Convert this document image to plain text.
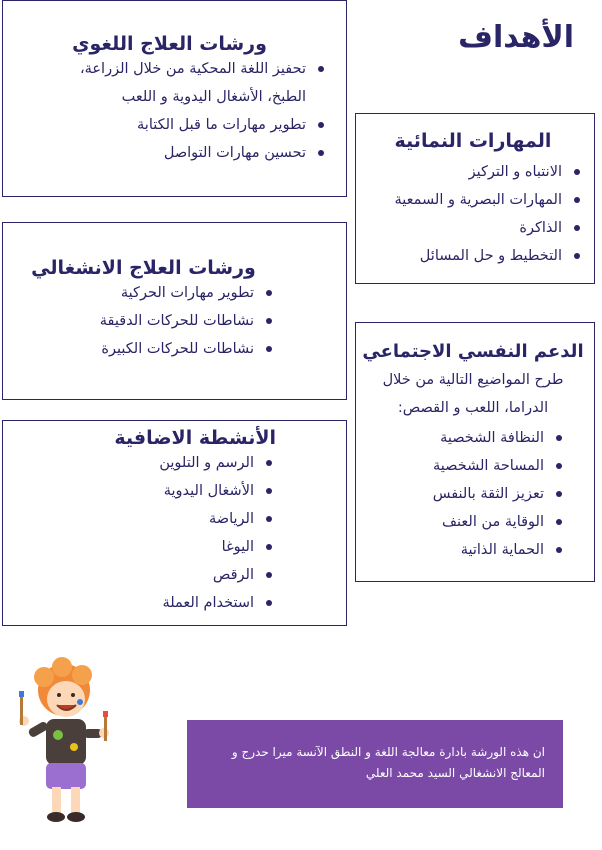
الأهداف
ورشات العلاج اللغوي
تحفيز اللغة المحكية من خلال الزراعة،
الطبخ، الأشغال اليدوية و اللعب
تطوير مهارات ما قبل الكتابة
تحسين مهارات التواصل
ورشات العلاج الانشغالي
تطوير مهارات الحركية
نشاطات للحركات الدقيقة
نشاطات للحركات الكبيرة
الأنشطة الاضافية
الرسم و التلوين
الأشغال اليدوية
الرياضة
اليوغا
الرقص
استخدام العملة
المهارات النمائية
الانتباه و التركيز
المهارات البصرية و السمعية
الذاكرة
التخطيط و حل المسائل
الدعم النفسي الاجتماعي

طرح المواضيع التالية من خلال الدراما، اللعب و القصص:

النظافة الشخصية
المساحة الشخصية
تعزيز الثقة بالنفس
الوقاية من العنف
الحماية الذاتية
ان هذه الورشة بادارة معالجة اللغة و النطق الآنسة ميرا حدرج و المعالج الانشغالي السيد محمد العلي
